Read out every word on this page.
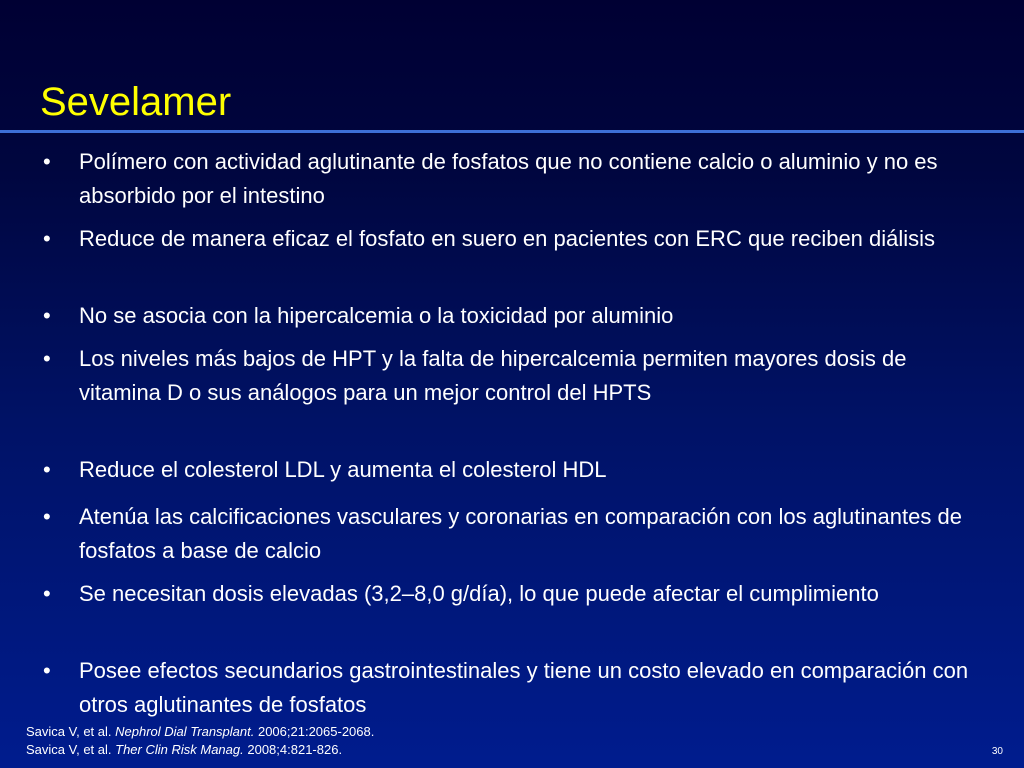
Sevelamer
• Polímero con actividad aglutinante de fosfatos que no contiene calcio o aluminio y no es absorbido por el intestino
• Reduce de manera eficaz el fosfato en suero en pacientes con ERC que reciben diálisis
• No se asocia con la hipercalcemia o la toxicidad por aluminio
• Los niveles más bajos de HPT y la falta de hipercalcemia permiten mayores dosis de vitamina D o sus análogos para un mejor control del HPTS
• Reduce el colesterol LDL y aumenta el colesterol HDL
• Atenúa las calcificaciones vasculares y coronarias en comparación con los aglutinantes de fosfatos a base de calcio
• Se necesitan dosis elevadas (3,2–8,0 g/día), lo que puede afectar el cumplimiento
• Posee efectos secundarios gastrointestinales y tiene un costo elevado en comparación con otros aglutinantes de fosfatos
Savica V, et al. Nephrol Dial Transplant. 2006;21:2065-2068.
Savica V, et al. Ther Clin Risk Manag. 2008;4:821-826.	30
